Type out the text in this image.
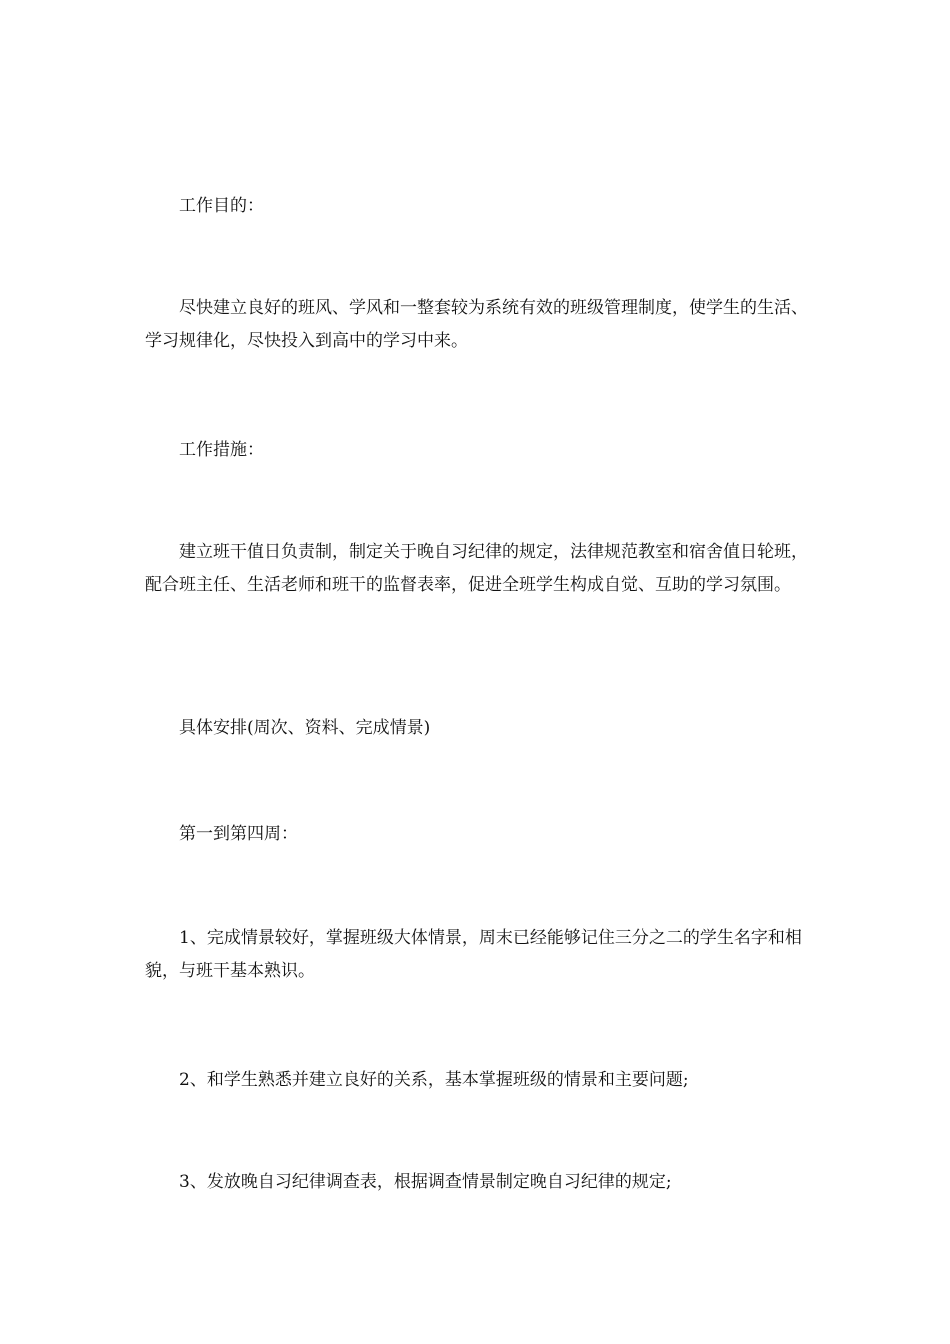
工作目的：

尽快建立良好的班风、学风和一整套较为系统有效的班级管理制度，使学生的生活、学习规律化，尽快投入到高中的学习中来。

工作措施：

建立班干值日负责制，制定关于晚自习纪律的规定，法律规范教室和宿舍值日轮班，配合班主任、生活老师和班干的监督表率，促进全班学生构成自觉、互助的学习氛围。

具体安排(周次、资料、完成情景)

第一到第四周：

1、完成情景较好，掌握班级大体情景，周末已经能够记住三分之二的学生名字和相貌，与班干基本熟识。

2、和学生熟悉并建立良好的关系，基本掌握班级的情景和主要问题;

3、发放晚自习纪律调查表，根据调查情景制定晚自习纪律的规定;
